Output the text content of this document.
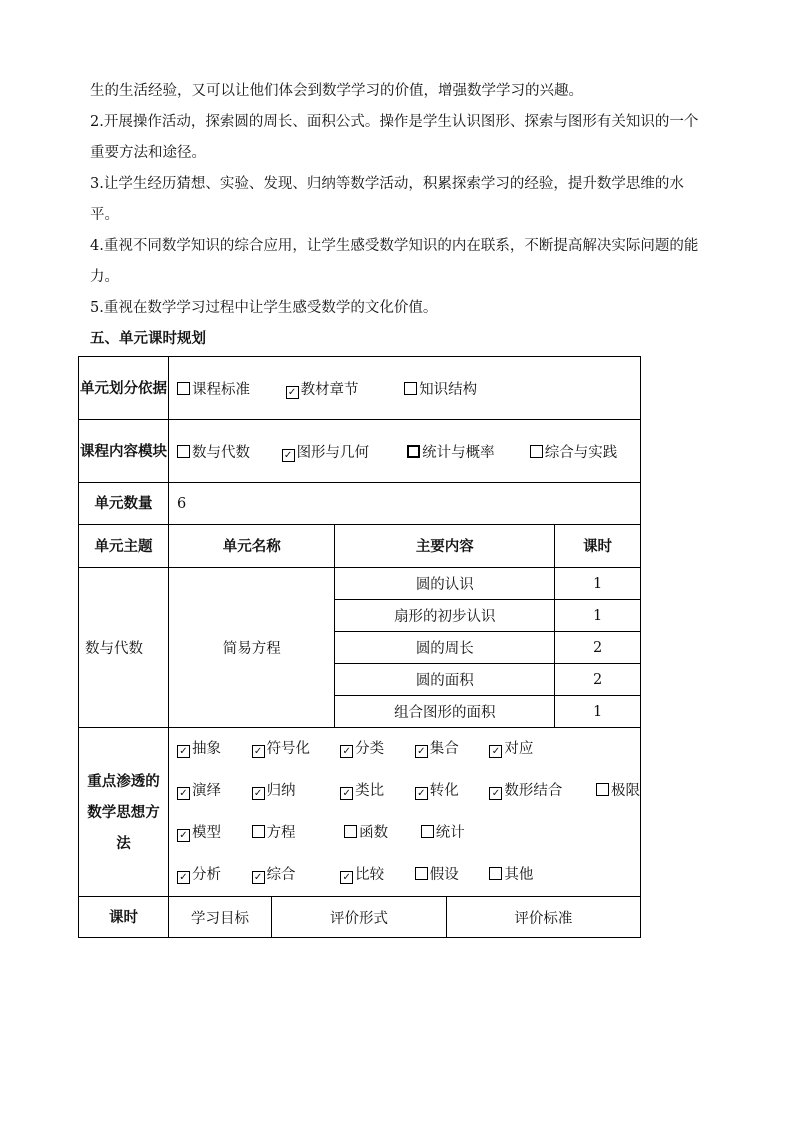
生的生活经验，又可以让他们体会到数学学习的价值，增强数学学习的兴趣。

2.开展操作活动，探索圆的周长、面积公式。操作是学生认识图形、探索与图形有关知识的一个重要方法和途径。

3.让学生经历猜想、实验、发现、归纳等数学活动，积累探索学习的经验，提升数学思维的水平。

4.重视不同数学知识的综合应用，让学生感受数学知识的内在联系，不断提高解决实际问题的能力。

5.重视在数学学习过程中让学生感受数学的文化价值。

五、单元课时规划

单元划分依据	课程标准 ✓ 教材章节 知识结构				
课程内容模块	数与代数 ✓ 图形与几何 统计与概率 综合与实践				
单元数量	6				
单元主题	单元名称		主要内容		课时
数与代数	简易方程		圆的认识		1
			扇形的初步认识		1
			圆的周长		2
			圆的面积		2
			组合图形的面积		1
重点渗透的数学思想方法	✓ 抽象 ✓ 符号化 ✓ 分类 ✓ 集合 ✓ 对应
✓ 演绎 ✓ 归纳 ✓ 类比 ✓ 转化 ✓ 数形结合 极限
✓ 模型 方程 函数 统计
✓ 分析 ✓ 综合 ✓ 比较 假设 其他				

课时	学习目标	评价形式		评价标准	
